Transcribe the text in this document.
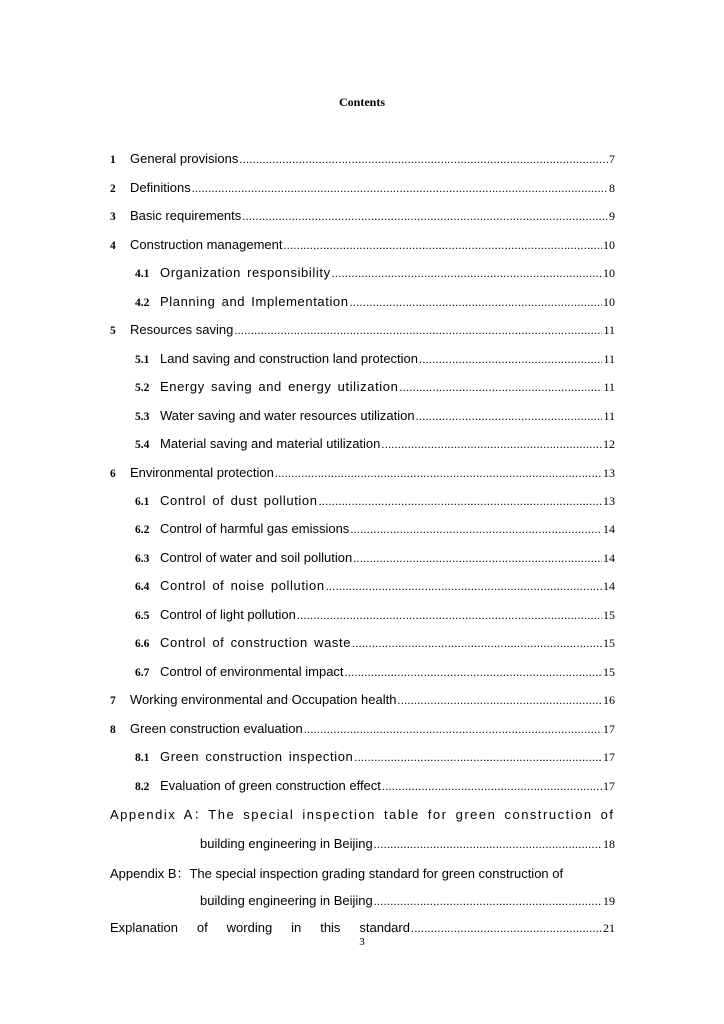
Contents
1	General provisions .....	7
2	Definitions .....	8
3	Basic requirements .....	9
4	Construction management .....	10
4.1 Organization responsibility .....	10
4.2 Planning and Implementation .....	10
5	Resources saving .....	11
5.1 Land saving and construction land protection .....	11
5.2 Energy saving and energy utilization .....	11
5.3 Water saving and water resources utilization .....	11
5.4 Material saving and material utilization .....	12
6	Environmental protection .....	13
6.1 Control of dust pollution .....	13
6.2 Control of harmful gas emissions .....	14
6.3 Control of water and soil pollution .....	14
6.4 Control of noise pollution .....	14
6.5 Control of light pollution .....	15
6.6 Control of construction waste .....	15
6.7 Control of environmental impact .....	15
7	Working environmental and Occupation health .....	16
8	Green construction evaluation .....	17
8.1 Green construction inspection .....	17
8.2 Evaluation of green construction effect .....	17
Appendix A：The special inspection table for green construction of
building engineering in Beijing .....	18
Appendix B：The special inspection grading standard for green construction of
building engineering in Beijing .....	19
Explanation of wording in this standard .....	21
3
